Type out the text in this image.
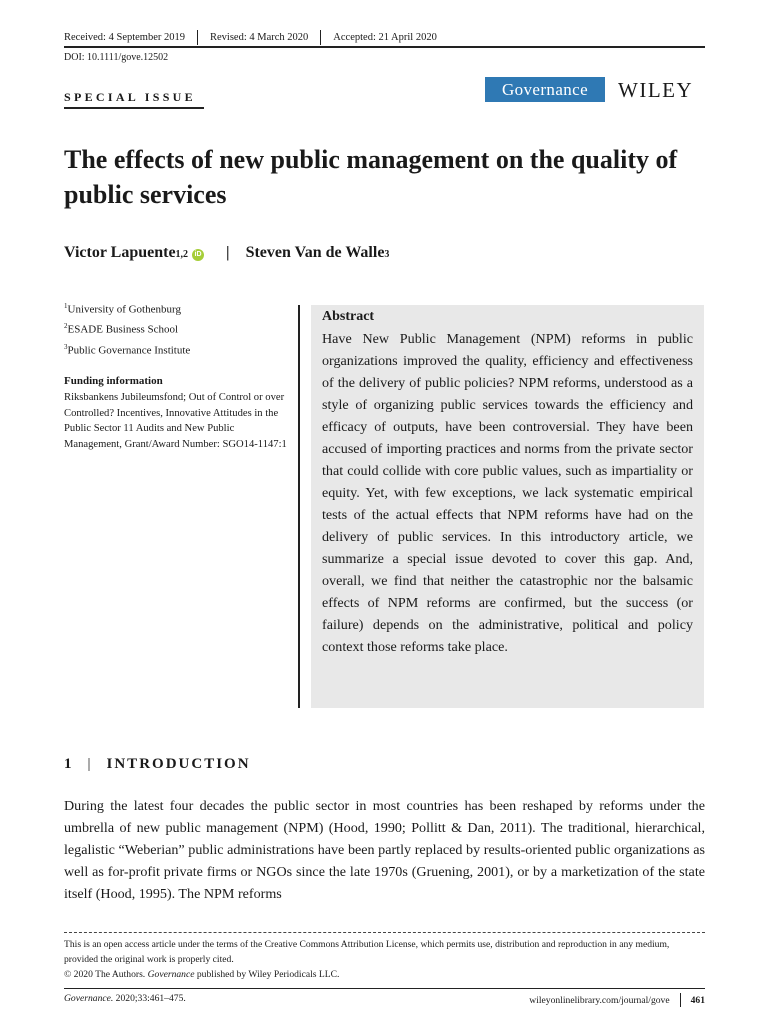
Received: 4 September 2019 Revised: 4 March 2020 Accepted: 21 April 2020
DOI: 10.1111/gove.12502
SPECIAL ISSUE	Governance	WILEY
The effects of new public management on the quality of public services
Victor Lapuente 1,2 iD | Steven Van de Walle 3
$^1$University of Gothenburg
$^2$ESADE Business School
$^3$Public Governance Institute
Funding information
Riksbankens Jubileumsfond; Out of Control or over Controlled? Incentives, Innovative Attitudes in the Public Sector 11 Audits and New Public Management, Grant/Award Number: SGO14-1147:1
Abstract
Have New Public Management (NPM) reforms in public organizations improved the quality, efficiency and effectiveness of the delivery of public policies? NPM reforms, understood as a style of organizing public services towards the efficiency and efficacy of outputs, have been controversial. They have been accused of importing practices and norms from the private sector that could collide with core public values, such as impartiality or equity. Yet, with few exceptions, we lack systematic empirical tests of the actual effects that NPM reforms have had on the delivery of public services. In this introductory article, we summarize a special issue devoted to cover this gap. And, overall, we find that neither the catastrophic nor the balsamic effects of NPM reforms are confirmed, but the success (or failure) depends on the administrative, political and policy context those reforms take place.
1 | INTRODUCTION
During the latest four decades the public sector in most countries has been reshaped by reforms under the umbrella of new public management (NPM) (Hood, 1990; Pollitt & Dan, 2011). The traditional, hierarchical, legalistic “Weberian” public administrations have been partly replaced by results-oriented public organizations as well as for-profit private firms or NGOs since the late 1970s (Gruening, 2001), or by a marketization of the state itself (Hood, 1995). The NPM reforms
This is an open access article under the terms of the Creative Commons Attribution License, which permits use, distribution and reproduction in any medium, provided the original work is properly cited.
© 2020 The Authors. Governance published by Wiley Periodicals LLC.
Governance. 2020;33:461–475.	wileyonlinelibrary.com/journal/gove 461
